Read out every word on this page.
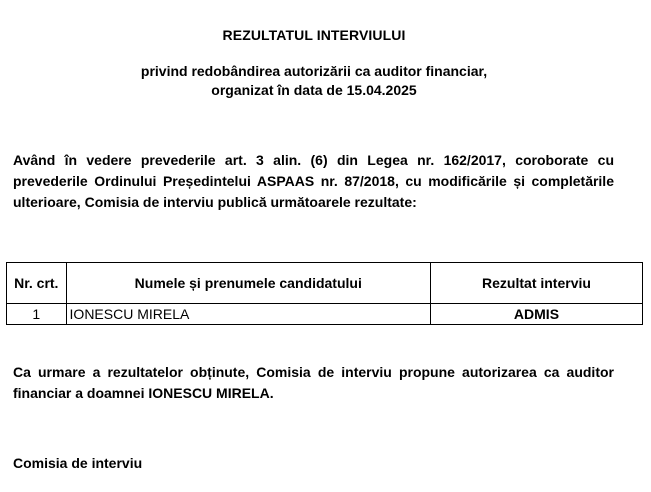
REZULTATUL INTERVIULUI
privind redobândirea autorizării ca auditor financiar,
organizat în data de 15.04.2025
Având în vedere prevederile art. 3 alin. (6) din Legea nr. 162/2017, coroborate cu prevederile Ordinului Președintelui ASPAAS nr. 87/2018, cu modificările și completările ulterioare, Comisia de interviu publică următoarele rezultate:
Nr. crt.	Numele și prenumele candidatului	Rezultat interviu
1	IONESCU MIRELA	ADMIS
Ca urmare a rezultatelor obținute, Comisia de interviu propune autorizarea ca auditor financiar a doamnei IONESCU MIRELA.
Comisia de interviu
